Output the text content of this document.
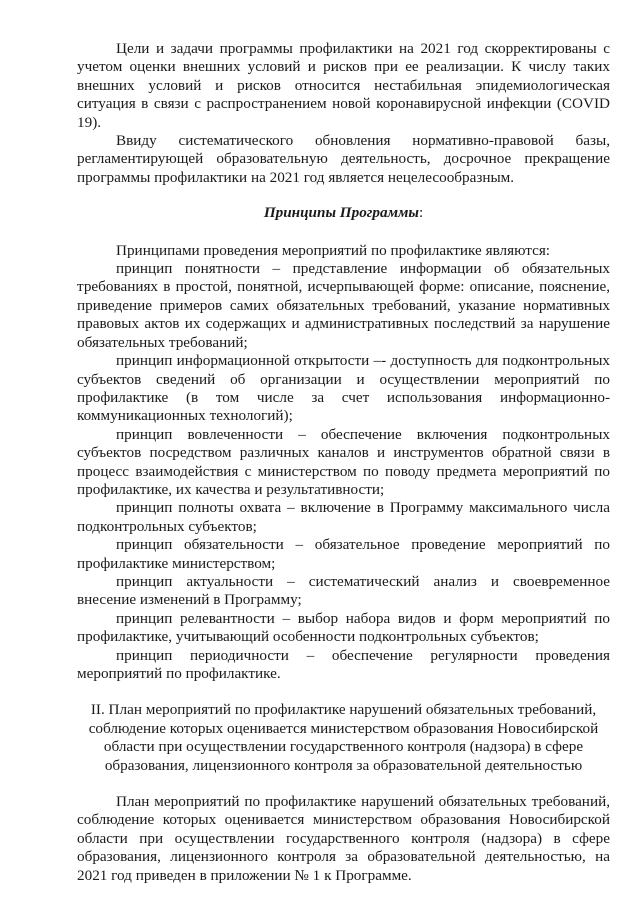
Цели и задачи программы профилактики на 2021 год скорректированы с учетом оценки внешних условий и рисков при ее реализации. К числу таких внешних условий и рисков относится нестабильная эпидемиологическая ситуация в связи с распространением новой коронавирусной инфекции (COVID 19).

Ввиду систематического обновления нормативно-правовой базы, регламентирующей образовательную деятельность, досрочное прекращение программы профилактики на 2021 год является нецелесообразным.

Принципы Программы:

Принципами проведения мероприятий по профилактике являются:

принцип понятности – представление информации об обязательных требованиях в простой, понятной, исчерпывающей форме: описание, пояснение, приведение примеров самих обязательных требований, указание нормативных правовых актов их содержащих и административных последствий за нарушение обязательных требований;

принцип информационной открытости –- доступность для подконтрольных субъектов сведений об организации и осуществлении мероприятий по профилактике (в том числе за счет использования информационно-коммуникационных технологий);

принцип вовлеченности – обеспечение включения подконтрольных субъектов посредством различных каналов и инструментов обратной связи в процесс взаимодействия с министерством по поводу предмета мероприятий по профилактике, их качества и результативности;

принцип полноты охвата – включение в Программу максимального числа подконтрольных субъектов;

принцип обязательности – обязательное проведение мероприятий по профилактике министерством;

принцип актуальности – систематический анализ и своевременное внесение изменений в Программу;

принцип релевантности – выбор набора видов и форм мероприятий по профилактике, учитывающий особенности подконтрольных субъектов;

принцип периодичности – обеспечение регулярности проведения мероприятий по профилактике.

II. План мероприятий по профилактике нарушений обязательных требований, соблюдение которых оценивается министерством образования Новосибирской области при осуществлении государственного контроля (надзора) в сфере образования, лицензионного контроля за образовательной деятельностью

План мероприятий по профилактике нарушений обязательных требований, соблюдение которых оценивается министерством образования Новосибирской области при осуществлении государственного контроля (надзора) в сфере образования, лицензионного контроля за образовательной деятельностью, на 2021 год приведен в приложении № 1 к Программе.
